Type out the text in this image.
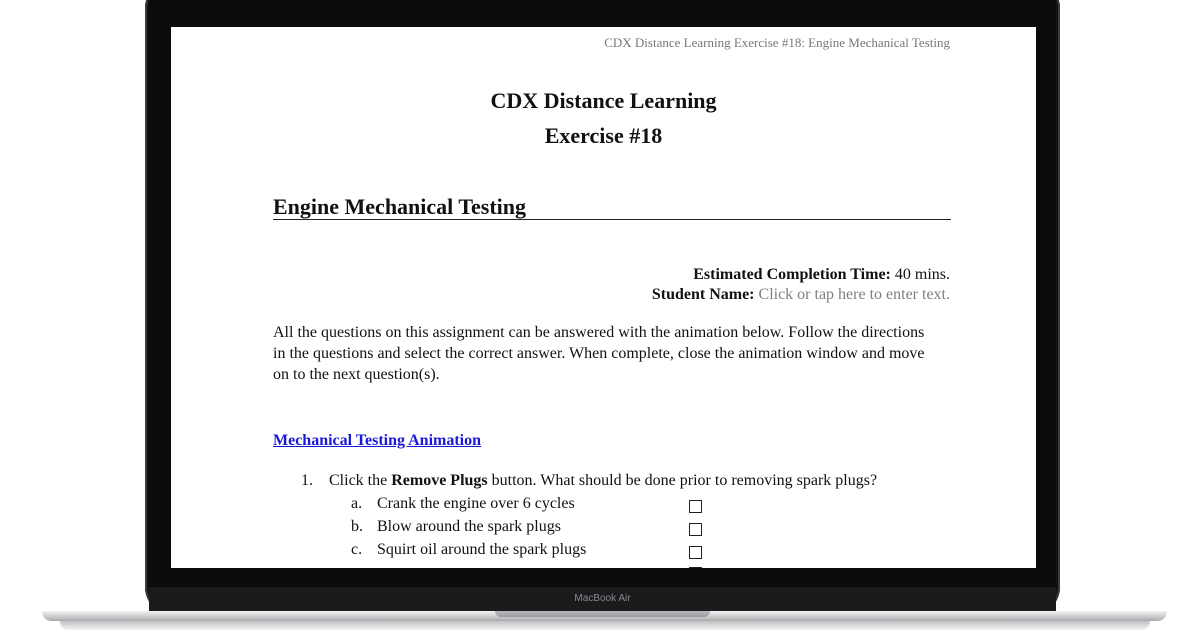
CDX Distance Learning Exercise #18: Engine Mechanical Testing
CDX Distance Learning
Exercise #18
Engine Mechanical Testing
Estimated Completion Time: 40 mins.
Student Name: Click or tap here to enter text.
All the questions on this assignment can be answered with the animation below. Follow the directions in the questions and select the correct answer. When complete, close the animation window and move on to the next question(s).
Mechanical Testing Animation
1. Click the Remove Plugs button. What should be done prior to removing spark plugs?
a. Crank the engine over 6 cycles
b. Blow around the spark plugs
c. Squirt oil around the spark plugs
MacBook Air
